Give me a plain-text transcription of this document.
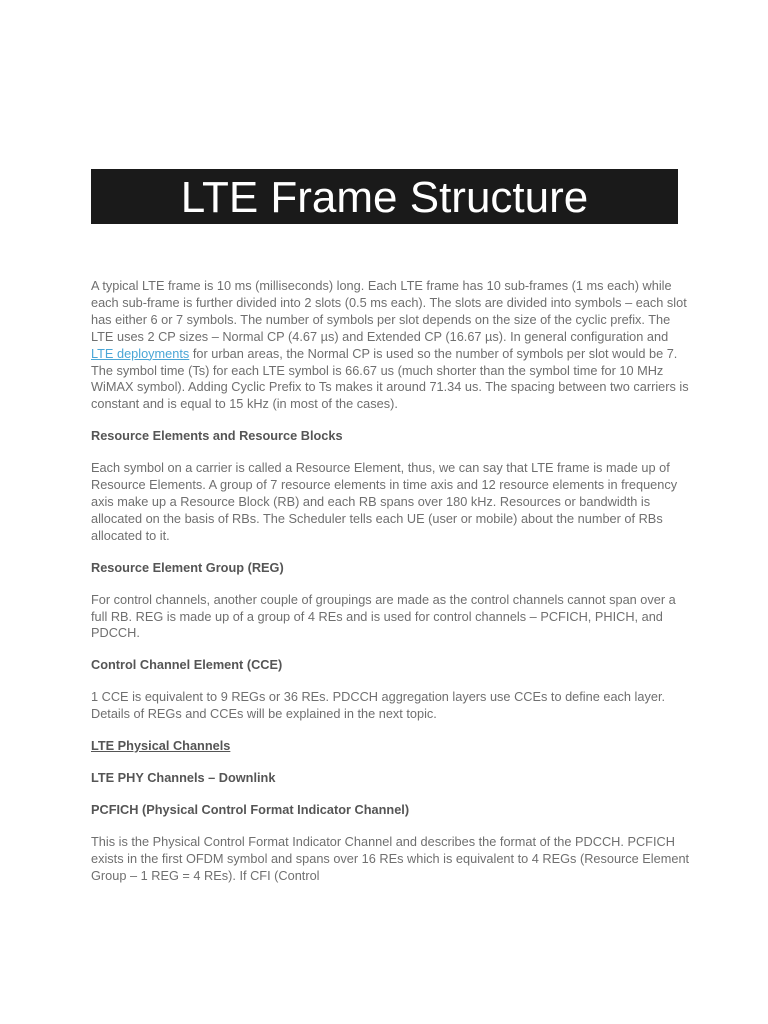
LTE Frame Structure

A typical LTE frame is 10 ms (milliseconds) long. Each LTE frame has 10 sub-frames (1 ms each) while each sub-frame is further divided into 2 slots (0.5 ms each). The slots are divided into symbols – each slot has either 6 or 7 symbols. The number of symbols per slot depends on the size of the cyclic prefix. The LTE uses 2 CP sizes – Normal CP (4.67 µs) and Extended CP (16.67 µs). In general configuration and LTE deployments for urban areas, the Normal CP is used so the number of symbols per slot would be 7. The symbol time (Ts) for each LTE symbol is 66.67 us (much shorter than the symbol time for 10 MHz WiMAX symbol). Adding Cyclic Prefix to Ts makes it around 71.34 us. The spacing between two carriers is constant and is equal to 15 kHz (in most of the cases).

Resource Elements and Resource Blocks

Each symbol on a carrier is called a Resource Element, thus, we can say that LTE frame is made up of Resource Elements. A group of 7 resource elements in time axis and 12 resource elements in frequency axis make up a Resource Block (RB) and each RB spans over 180 kHz. Resources or bandwidth is allocated on the basis of RBs. The Scheduler tells each UE (user or mobile) about the number of RBs allocated to it.

Resource Element Group (REG)

For control channels, another couple of groupings are made as the control channels cannot span over a full RB. REG is made up of a group of 4 REs and is used for control channels – PCFICH, PHICH, and PDCCH.

Control Channel Element (CCE)

1 CCE is equivalent to 9 REGs or 36 REs. PDCCH aggregation layers use CCEs to define each layer. Details of REGs and CCEs will be explained in the next topic.

LTE Physical Channels

LTE PHY Channels – Downlink

PCFICH (Physical Control Format Indicator Channel)

This is the Physical Control Format Indicator Channel and describes the format of the PDCCH. PCFICH exists in the first OFDM symbol and spans over 16 REs which is equivalent to 4 REGs (Resource Element Group – 1 REG = 4 REs). If CFI (Control
